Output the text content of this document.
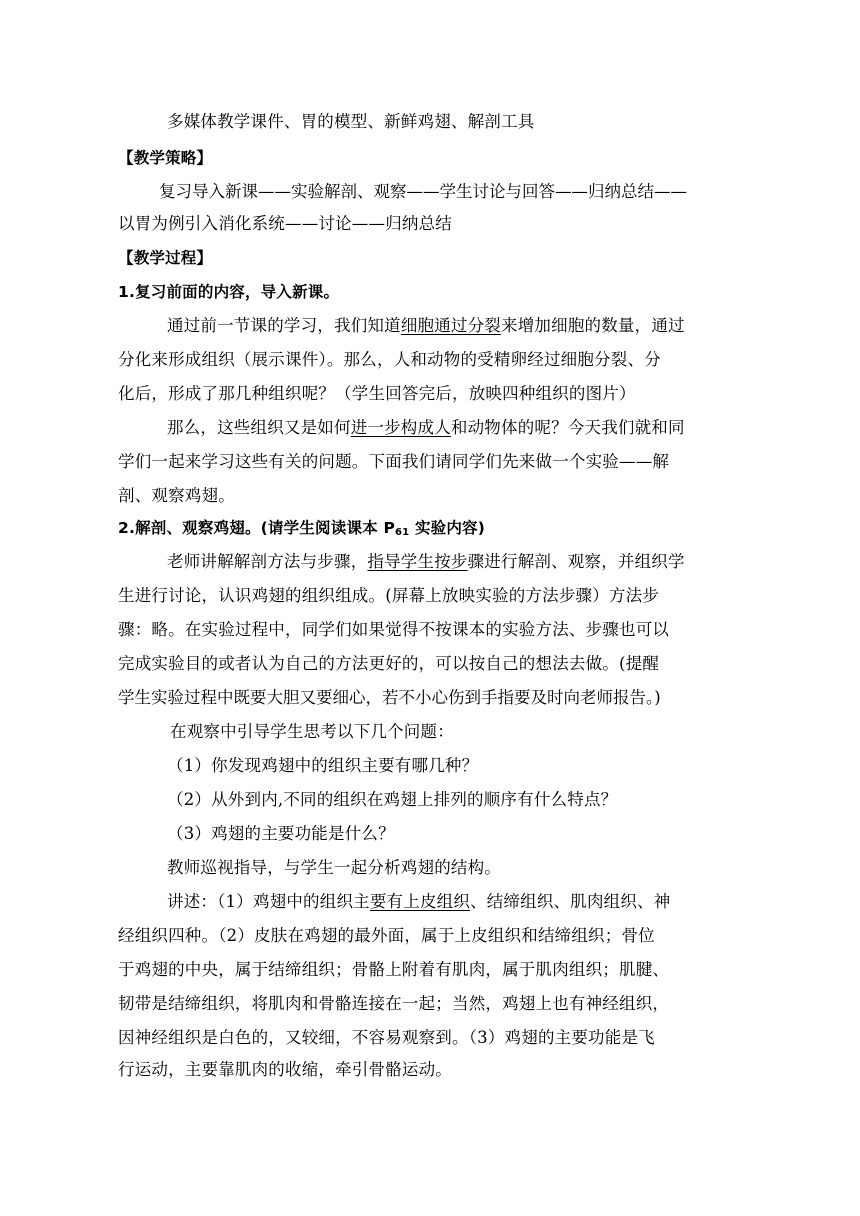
多媒体教学课件、胃的模型、新鲜鸡翅、解剖工具
【教学策略】
复习导入新课——实验解剖、观察——学生讨论与回答——归纳总结——
以胃为例引入消化系统——讨论——归纳总结
【教学过程】
1.复习前面的内容，导入新课。
通过前一节课的学习，我们知道细胞通过分裂来增加细胞的数量，通过
分化来形成组织（展示课件）。那么，人和动物的受精卵经过细胞分裂、分
化后，形成了那几种组织呢？（学生回答完后，放映四种组织的图片）
那么，这些组织又是如何进一步构成人和动物体的呢？今天我们就和同
学们一起来学习这些有关的问题。下面我们请同学们先来做一个实验——解
剖、观察鸡翅。
2.解剖、观察鸡翅。(请学生阅读课本 $P_{61}$ 实验内容)
老师讲解解剖方法与步骤，指导学生按步骤进行解剖、观察，并组织学
生进行讨论，认识鸡翅的组织组成。(屏幕上放映实验的方法步骤）方法步
骤：略。在实验过程中，同学们如果觉得不按课本的实验方法、步骤也可以
完成实验目的或者认为自己的方法更好的，可以按自己的想法去做。(提醒
学生实验过程中既要大胆又要细心，若不小心伤到手指要及时向老师报告。)
在观察中引导学生思考以下几个问题：
（1）你发现鸡翅中的组织主要有哪几种？
（2）从外到内,不同的组织在鸡翅上排列的顺序有什么特点？
（3）鸡翅的主要功能是什么？
教师巡视指导，与学生一起分析鸡翅的结构。
讲述：（1）鸡翅中的组织主要有上皮组织、结缔组织、肌肉组织、神
经组织四种。（2）皮肤在鸡翅的最外面，属于上皮组织和结缔组织；骨位
于鸡翅的中央，属于结缔组织；骨骼上附着有肌肉，属于肌肉组织；肌腱、
韧带是结缔组织，将肌肉和骨骼连接在一起；当然，鸡翅上也有神经组织，
因神经组织是白色的，又较细，不容易观察到。（3）鸡翅的主要功能是飞
行运动，主要靠肌肉的收缩，牵引骨骼运动。
